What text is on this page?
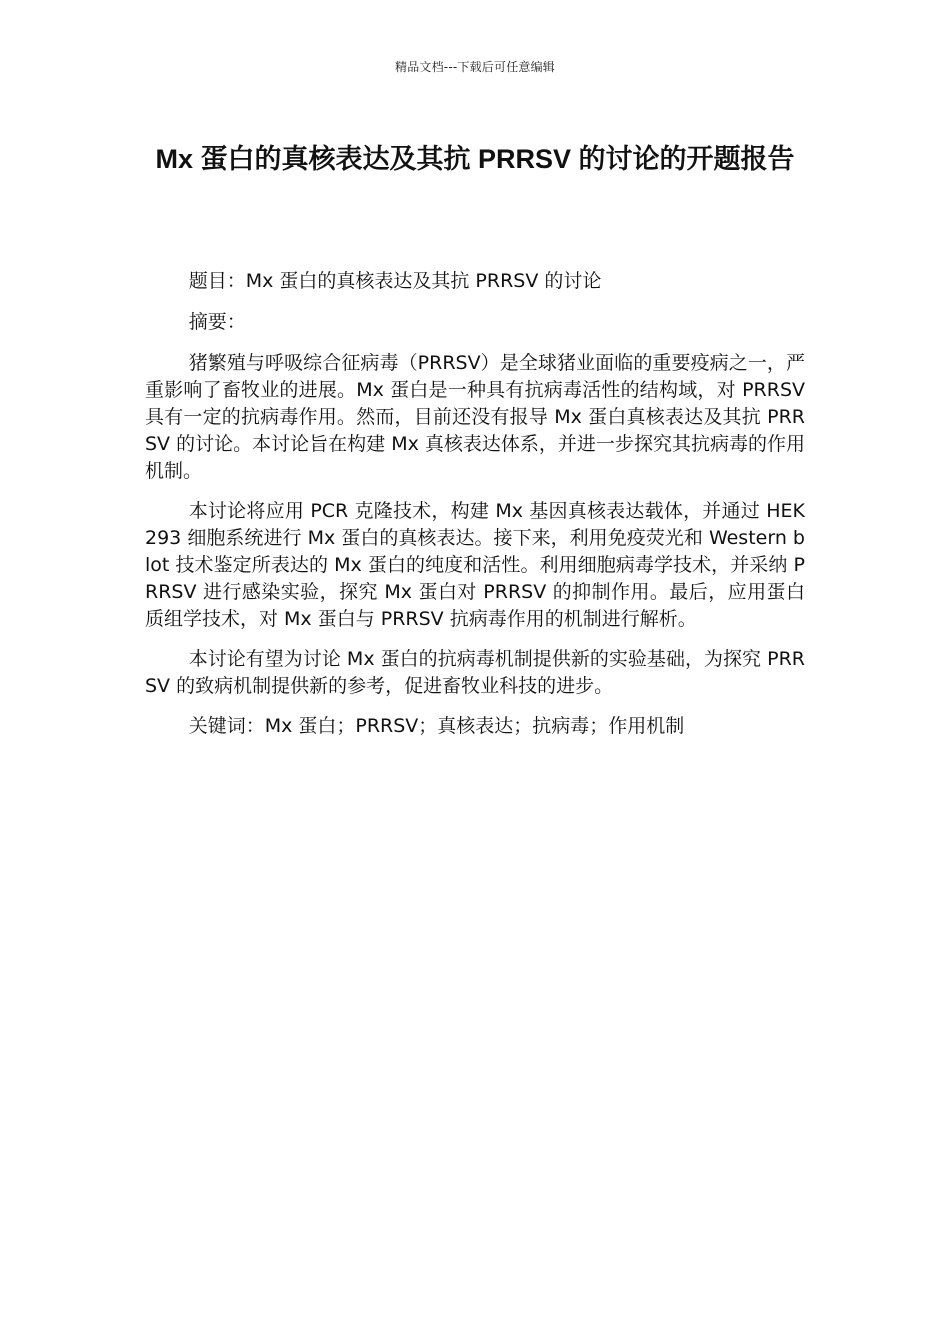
精品文档---下载后可任意编辑
Mx 蛋白的真核表达及其抗 PRRSV 的讨论的开题报告

题目：Mx 蛋白的真核表达及其抗 PRRSV 的讨论

摘要：

猪繁殖与呼吸综合征病毒（PRRSV）是全球猪业面临的重要疫病之一，严重影响了畜牧业的进展。Mx 蛋白是一种具有抗病毒活性的结构域，对 PRRSV 具有一定的抗病毒作用。然而，目前还没有报导 Mx 蛋白真核表达及其抗 PRRSV 的讨论。本讨论旨在构建 Mx 真核表达体系，并进一步探究其抗病毒的作用机制。

本讨论将应用 PCR 克隆技术，构建 Mx 基因真核表达载体，并通过 HEK293 细胞系统进行 Mx 蛋白的真核表达。接下来，利用免疫荧光和 Western blot 技术鉴定所表达的 Mx 蛋白的纯度和活性。利用细胞病毒学技术，并采纳 PRRSV 进行感染实验，探究 Mx 蛋白对 PRRSV 的抑制作用。最后，应用蛋白质组学技术，对 Mx 蛋白与 PRRSV 抗病毒作用的机制进行解析。

本讨论有望为讨论 Mx 蛋白的抗病毒机制提供新的实验基础，为探究 PRRSV 的致病机制提供新的参考，促进畜牧业科技的进步。

关键词：Mx 蛋白；PRRSV；真核表达；抗病毒；作用机制
